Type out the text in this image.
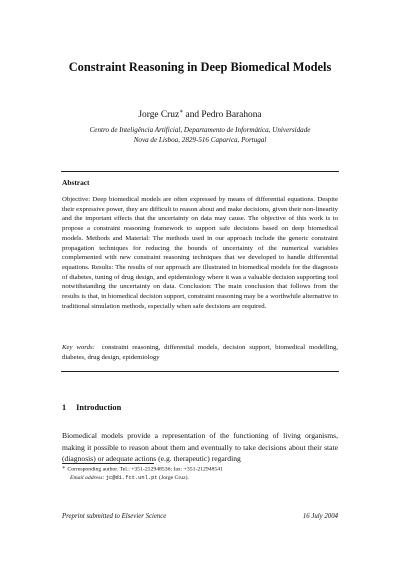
Constraint Reasoning in Deep Biomedical Models
Jorge Cruz∗ and Pedro Barahona
Centro de Inteligência Artificial, Departamento de Informática, Universidade
Nova de Lisboa, 2829-516 Caparica, Portugal
Abstract
Objective: Deep biomedical models are often expressed by means of differential equations. Despite their expressive power, they are difficult to reason about and make decisions, given their non-linearity and the important effects that the uncertainty on data may cause. The objective of this work is to propose a constraint reasoning framework to support safe decisions based on deep biomedical models. Methods and Material: The methods used in our approach include the generic constraint propagation techniques for reducing the bounds of uncertainty of the numerical variables complemented with new constraint reasoning techniques that we developed to handle differential equations. Results: The results of our approach are illustrated in biomedical models for the diagnosis of diabetes, tuning of drug design, and epidemiology where it was a valuable decision supporting tool notwithstanding the uncertainty on data. Conclusion: The main conclusion that follows from the results is that, in biomedical decision support, constraint reasoning may be a worthwhile alternative to traditional simulation methods, especially when safe decisions are required.
Key words: constraint reasoning, differential models, decision support, biomedical modelling, diabetes, drug design, epidemiology
1 Introduction
Biomedical models provide a representation of the functioning of living organisms, making it possible to reason about them and eventually to take decisions about their state (diagnosis) or adequate actions (e.g. therapeutic) regarding
∗ Corresponding author. Tel.: +351-212948536; fax: +351-212948541
Email address: jc@di.fct.unl.pt (Jorge Cruz).
Preprint submitted to Elsevier Science	16 July 2004
